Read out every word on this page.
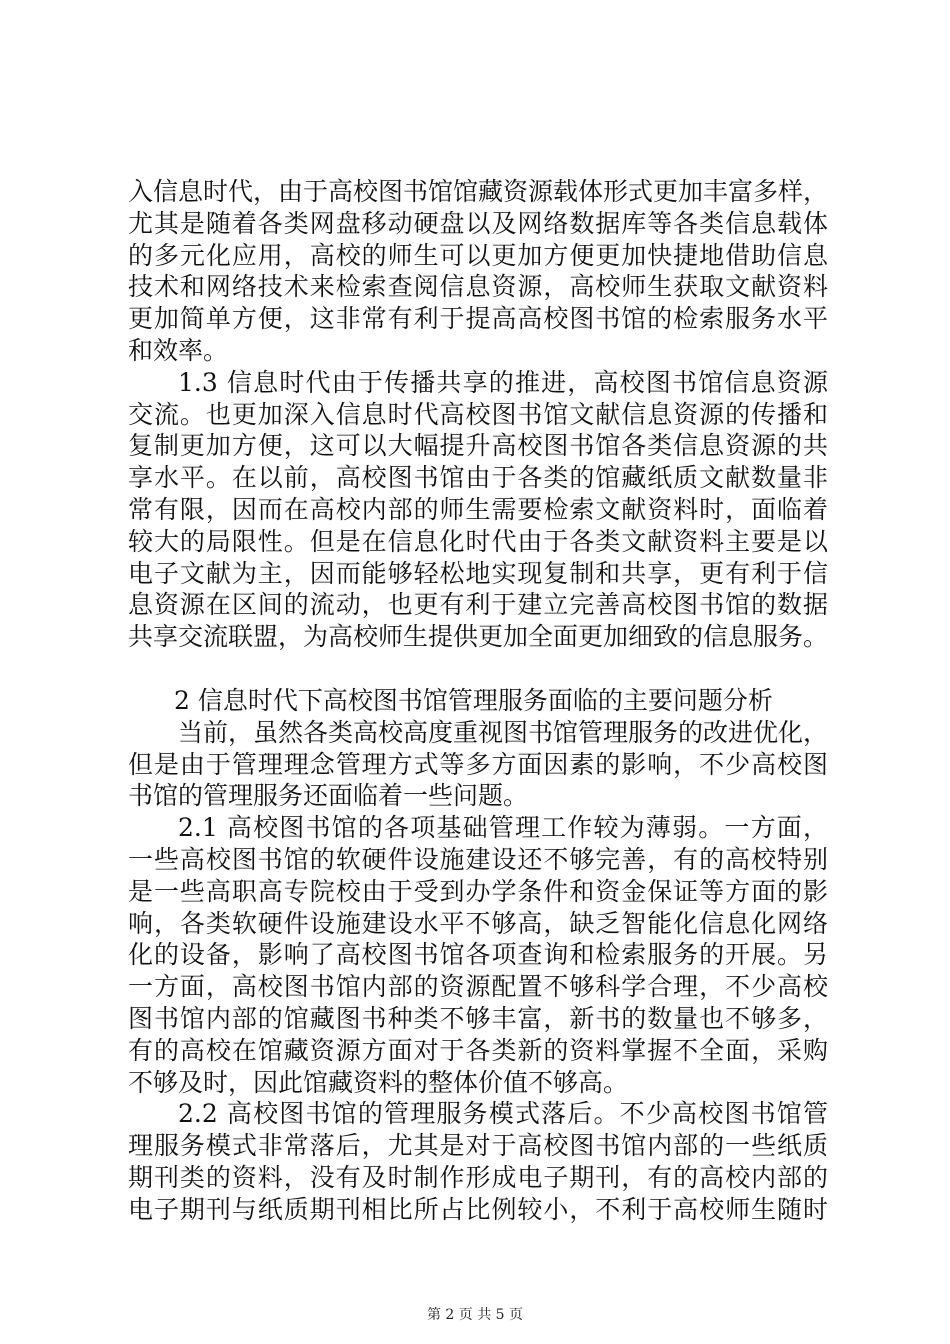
入信息时代，由于高校图书馆馆藏资源载体形式更加丰富多样，
尤其是随着各类网盘移动硬盘以及网络数据库等各类信息载体
的多元化应用，高校的师生可以更加方便更加快捷地借助信息
技术和网络技术来检索查阅信息资源，高校师生获取文献资料
更加简单方便，这非常有利于提高高校图书馆的检索服务水平
和效率。
1.3 信息时代由于传播共享的推进，高校图书馆信息资源
交流。也更加深入信息时代高校图书馆文献信息资源的传播和
复制更加方便，这可以大幅提升高校图书馆各类信息资源的共
享水平。在以前，高校图书馆由于各类的馆藏纸质文献数量非
常有限，因而在高校内部的师生需要检索文献资料时，面临着
较大的局限性。但是在信息化时代由于各类文献资料主要是以
电子文献为主，因而能够轻松地实现复制和共享，更有利于信
息资源在区间的流动，也更有利于建立完善高校图书馆的数据
共享交流联盟，为高校师生提供更加全面更加细致的信息服务。
2 信息时代下高校图书馆管理服务面临的主要问题分析
当前，虽然各类高校高度重视图书馆管理服务的改进优化，
但是由于管理理念管理方式等多方面因素的影响，不少高校图
书馆的管理服务还面临着一些问题。
2.1 高校图书馆的各项基础管理工作较为薄弱。一方面，
一些高校图书馆的软硬件设施建设还不够完善，有的高校特别
是一些高职高专院校由于受到办学条件和资金保证等方面的影
响，各类软硬件设施建设水平不够高，缺乏智能化信息化网络
化的设备，影响了高校图书馆各项查询和检索服务的开展。另
一方面，高校图书馆内部的资源配置不够科学合理，不少高校
图书馆内部的馆藏图书种类不够丰富，新书的数量也不够多，
有的高校在馆藏资源方面对于各类新的资料掌握不全面，采购
不够及时，因此馆藏资料的整体价值不够高。
2.2 高校图书馆的管理服务模式落后。不少高校图书馆管
理服务模式非常落后，尤其是对于高校图书馆内部的一些纸质
期刊类的资料，没有及时制作形成电子期刊，有的高校内部的
电子期刊与纸质期刊相比所占比例较小，不利于高校师生随时
第 2 页 共 5 页
